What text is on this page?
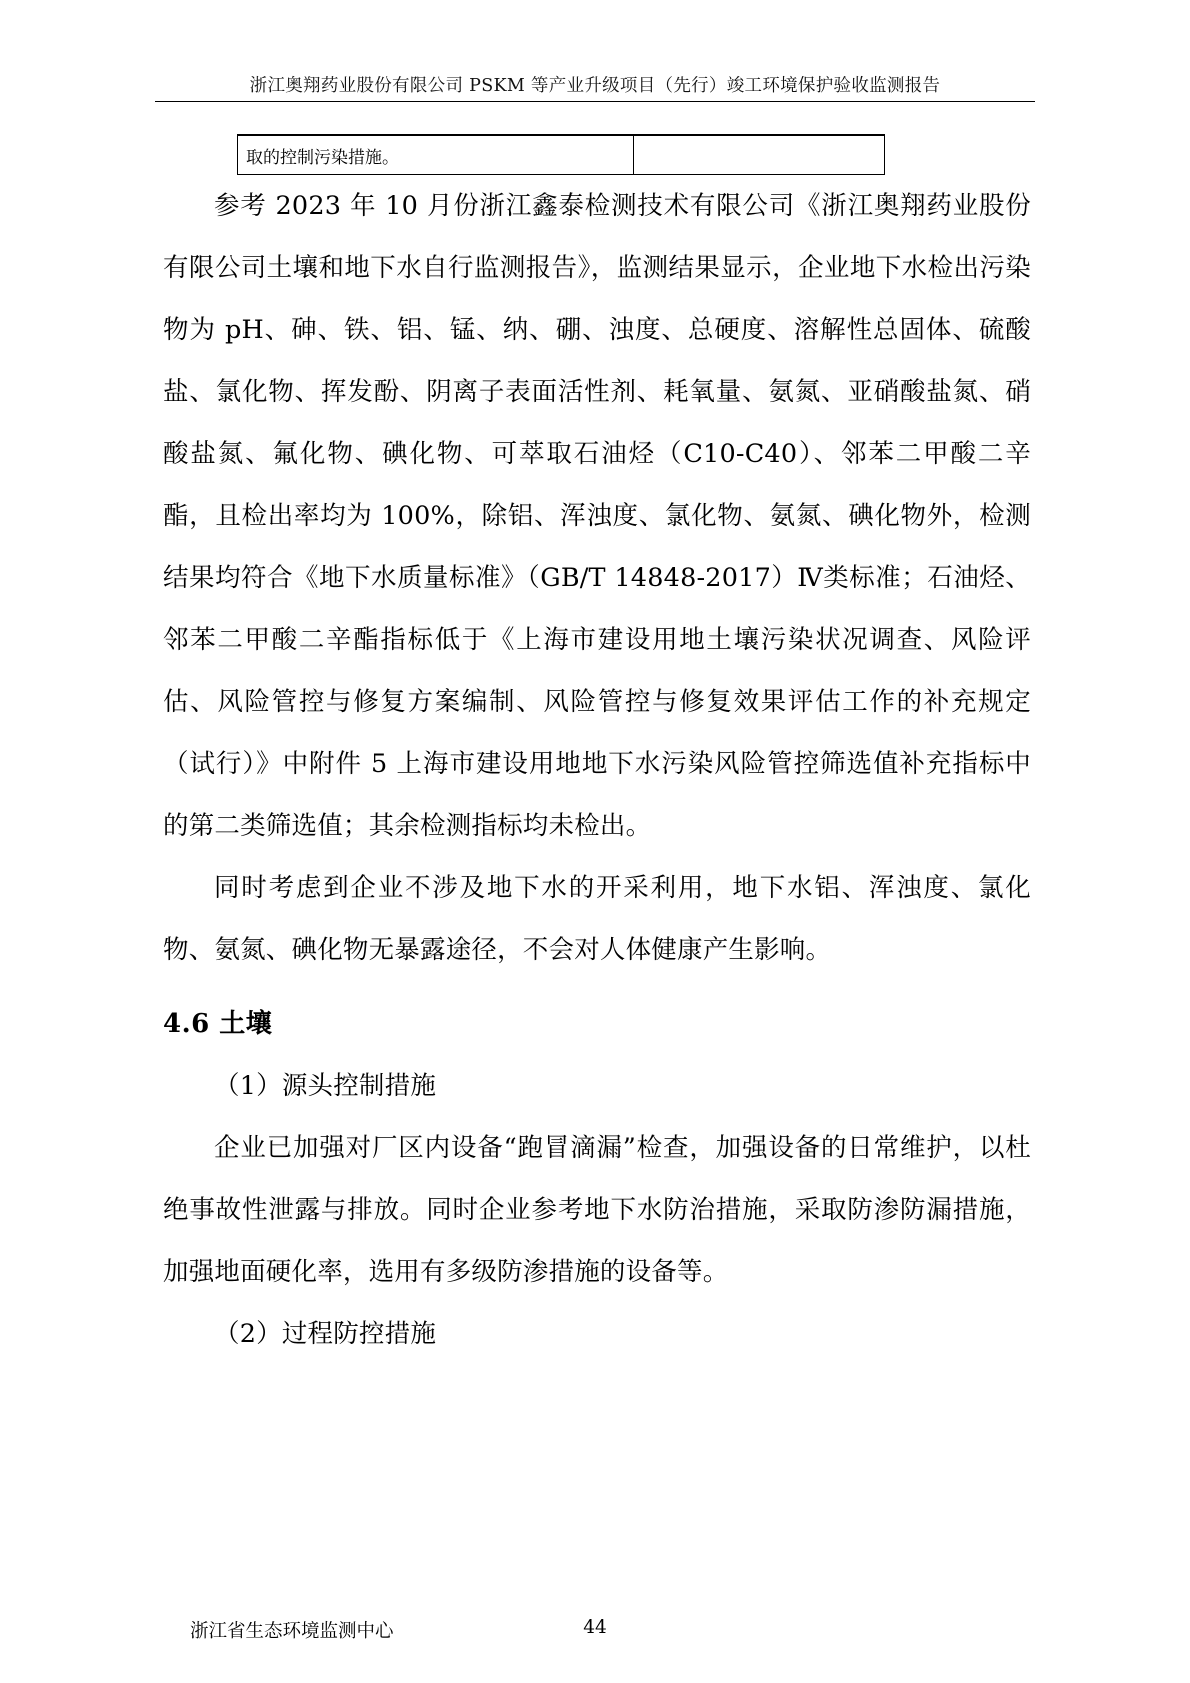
浙江奥翔药业股份有限公司 PSKM 等产业升级项目（先行）竣工环境保护验收监测报告
取的控制污染措施。	

参考 2023 年 10 月份浙江鑫泰检测技术有限公司《浙江奥翔药业股份有限公司土壤和地下水自行监测报告》，监测结果显示，企业地下水检出污染物为 pH、砷、铁、铝、锰、纳、硼、浊度、总硬度、溶解性总固体、硫酸盐、氯化物、挥发酚、阴离子表面活性剂、耗氧量、氨氮、亚硝酸盐氮、硝酸盐氮、氟化物、碘化物、可萃取石油烃（C10-C40）、邻苯二甲酸二辛酯，且检出率均为 100%，除铝、浑浊度、氯化物、氨氮、碘化物外，检测结果均符合《地下水质量标准》（GB/T 14848-2017）Ⅳ类标准；石油烃、邻苯二甲酸二辛酯指标低于《上海市建设用地土壤污染状况调查、风险评估、风险管控与修复方案编制、风险管控与修复效果评估工作的补充规定（试行）》中附件 5 上海市建设用地地下水污染风险管控筛选值补充指标中的第二类筛选值；其余检测指标均未检出。

同时考虑到企业不涉及地下水的开采利用，地下水铝、浑浊度、氯化物、氨氮、碘化物无暴露途径，不会对人体健康产生影响。

4.6 土壤

（1）源头控制措施

企业已加强对厂区内设备“跑冒滴漏”检查，加强设备的日常维护，以杜绝事故性泄露与排放。同时企业参考地下水防治措施，采取防渗防漏措施，加强地面硬化率，选用有多级防渗措施的设备等。

（2）过程防控措施

浙江省生态环境监测中心	44
